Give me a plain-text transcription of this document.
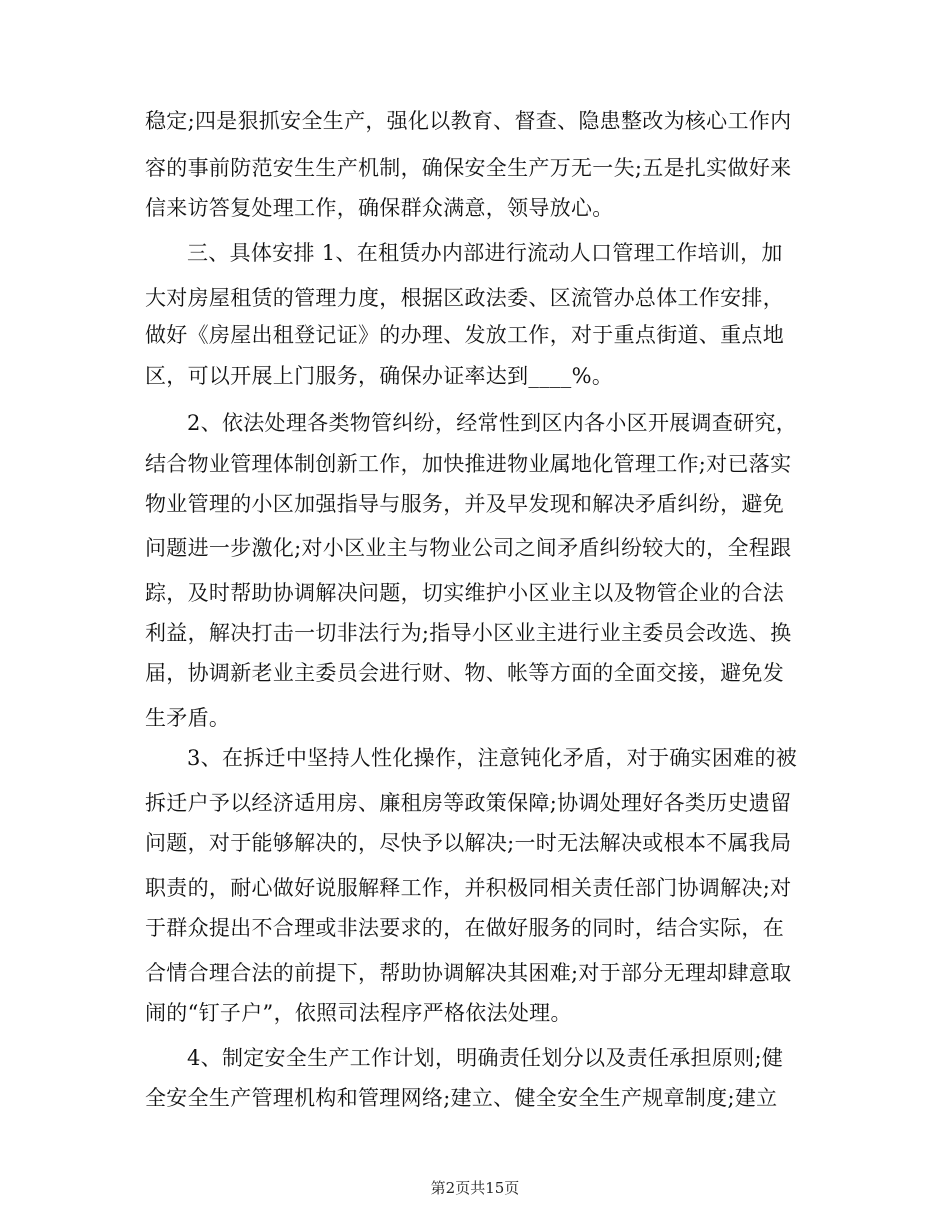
稳定;四是狠抓安全生产，强化以教育、督查、隐患整改为核心工作内
容的事前防范安生生产机制，确保安全生产万无一失;五是扎实做好来
信来访答复处理工作，确保群众满意，领导放心。
三、具体安排 1、在租赁办内部进行流动人口管理工作培训，加
大对房屋租赁的管理力度，根据区政法委、区流管办总体工作安排，
做好《房屋出租登记证》的办理、发放工作，对于重点街道、重点地
区，可以开展上门服务，确保办证率达到____%。
2、依法处理各类物管纠纷，经常性到区内各小区开展调查研究，
结合物业管理体制创新工作，加快推进物业属地化管理工作;对已落实
物业管理的小区加强指导与服务，并及早发现和解决矛盾纠纷，避免
问题进一步激化;对小区业主与物业公司之间矛盾纠纷较大的，全程跟
踪，及时帮助协调解决问题，切实维护小区业主以及物管企业的合法
利益，解决打击一切非法行为;指导小区业主进行业主委员会改选、换
届，协调新老业主委员会进行财、物、帐等方面的全面交接，避免发
生矛盾。
3、在拆迁中坚持人性化操作，注意钝化矛盾，对于确实困难的被
拆迁户予以经济适用房、廉租房等政策保障;协调处理好各类历史遗留
问题，对于能够解决的，尽快予以解决;一时无法解决或根本不属我局
职责的，耐心做好说服解释工作，并积极同相关责任部门协调解决;对
于群众提出不合理或非法要求的，在做好服务的同时，结合实际，在
合情合理合法的前提下，帮助协调解决其困难;对于部分无理却肆意取
闹的“钉子户”，依照司法程序严格依法处理。
4、制定安全生产工作计划，明确责任划分以及责任承担原则;健
全安全生产管理机构和管理网络;建立、健全安全生产规章制度;建立
第2页共15页
